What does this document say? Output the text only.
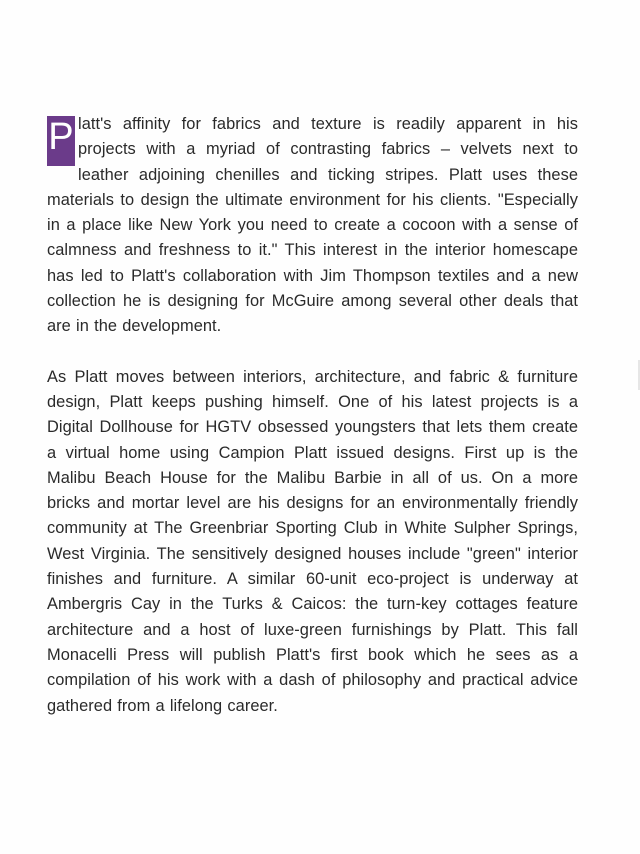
P latt's affinity for fabrics and texture is readily apparent in his projects with a myriad of contrasting fabrics – velvets next to leather adjoining chenilles and ticking stripes. Platt uses these materials to design the ultimate environment for his clients. "Especially in a place like New York you need to create a cocoon with a sense of calmness and freshness to it." This interest in the interior homescape has led to Platt's collaboration with Jim Thompson textiles and a new collection he is designing for McGuire among several other deals that are in the development.

As Platt moves between interiors, architecture, and fabric & furniture design, Platt keeps pushing himself. One of his latest projects is a Digital Dollhouse for HGTV obsessed youngsters that lets them create a virtual home using Campion Platt issued designs. First up is the Malibu Beach House for the Malibu Barbie in all of us. On a more bricks and mortar level are his designs for an environmentally friendly community at The Greenbriar Sporting Club in White Sulpher Springs, West Virginia. The sensitively designed houses include "green" interior finishes and furniture. A similar 60-unit eco-project is underway at Ambergris Cay in the Turks & Caicos: the turn-key cottages feature architecture and a host of luxe-green furnishings by Platt. This fall Monacelli Press will publish Platt's first book which he sees as a compilation of his work with a dash of philosophy and practical advice gathered from a lifelong career.
